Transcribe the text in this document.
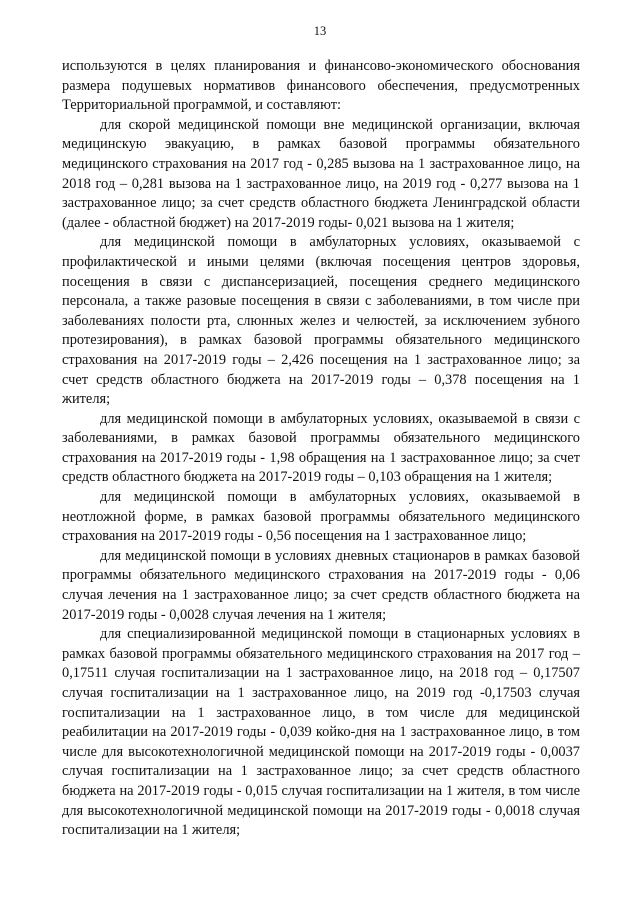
13

используются в целях планирования и финансово-экономического обоснования размера подушевых нормативов финансового обеспечения, предусмотренных Территориальной программой, и составляют:

для скорой медицинской помощи вне медицинской организации, включая медицинскую эвакуацию, в рамках базовой программы обязательного медицинского страхования на 2017 год - 0,285 вызова на 1 застрахованное лицо, на 2018 год – 0,281 вызова на 1 застрахованное лицо, на 2019 год - 0,277 вызова на 1 застрахованное лицо; за счет средств областного бюджета Ленинградской области (далее - областной бюджет) на 2017-2019 годы- 0,021 вызова на 1 жителя;

для медицинской помощи в амбулаторных условиях, оказываемой с профилактической и иными целями (включая посещения центров здоровья, посещения в связи с диспансеризацией, посещения среднего медицинского персонала, а также разовые посещения в связи с заболеваниями, в том числе при заболеваниях полости рта, слюнных желез и челюстей, за исключением зубного протезирования), в рамках базовой программы обязательного медицинского страхования на 2017-2019 годы – 2,426 посещения на 1 застрахованное лицо; за счет средств областного бюджета на 2017-2019 годы – 0,378 посещения на 1 жителя;

для медицинской помощи в амбулаторных условиях, оказываемой в связи с заболеваниями, в рамках базовой программы обязательного медицинского страхования на 2017-2019 годы - 1,98 обращения на 1 застрахованное лицо; за счет средств областного бюджета на 2017-2019 годы – 0,103 обращения на 1 жителя;

для медицинской помощи в амбулаторных условиях, оказываемой в неотложной форме, в рамках базовой программы обязательного медицинского страхования на 2017-2019 годы - 0,56 посещения на 1 застрахованное лицо;

для медицинской помощи в условиях дневных стационаров в рамках базовой программы обязательного медицинского страхования на 2017-2019 годы - 0,06 случая лечения на 1 застрахованное лицо; за счет средств областного бюджета на 2017-2019 годы - 0,0028 случая лечения на 1 жителя;

для специализированной медицинской помощи в стационарных условиях в рамках базовой программы обязательного медицинского страхования на 2017 год – 0,17511 случая госпитализации на 1 застрахованное лицо, на 2018 год – 0,17507 случая госпитализации на 1 застрахованное лицо, на 2019 год -0,17503 случая госпитализации на 1 застрахованное лицо, в том числе для медицинской реабилитации на 2017-2019 годы - 0,039 койко-дня на 1 застрахованное лицо, в том числе для высокотехнологичной медицинской помощи на 2017-2019 годы - 0,0037 случая госпитализации на 1 застрахованное лицо; за счет средств областного бюджета на 2017-2019 годы - 0,015 случая госпитализации на 1 жителя, в том числе для высокотехнологичной медицинской помощи на 2017-2019 годы - 0,0018 случая госпитализации на 1 жителя;
